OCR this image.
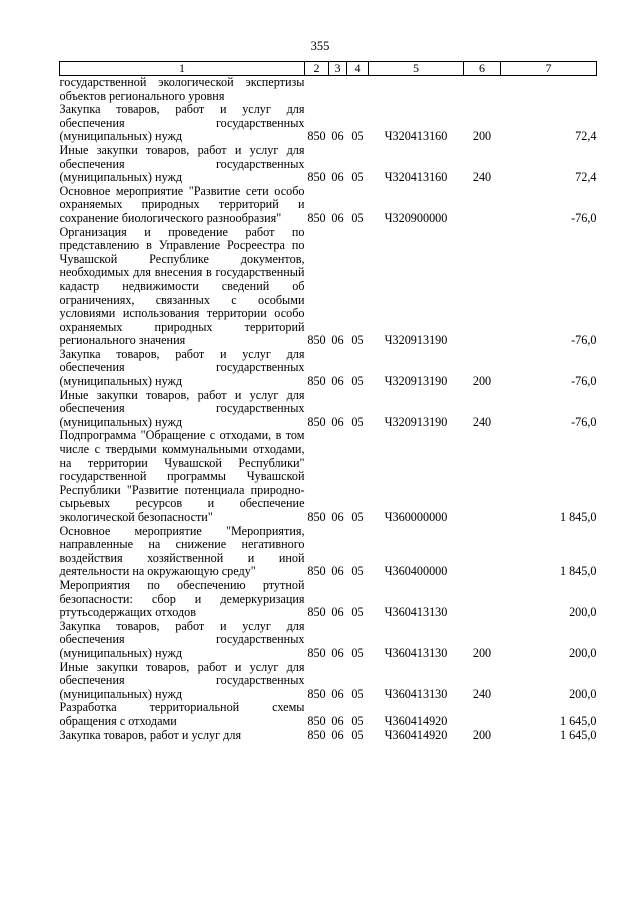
355
1	2	3	4	5	6	7
государственной экологической экспертизы объектов регионального уровня						
Закупка товаров, работ и услуг для обеспечения государственных (муниципальных) нужд	850	06	05	Ч320413160	200	72,4
Иные закупки товаров, работ и услуг для обеспечения государственных (муниципальных) нужд	850	06	05	Ч320413160	240	72,4
Основное мероприятие "Развитие сети особо охраняемых природных территорий и сохранение биологического разнообразия"	850	06	05	Ч320900000		-76,0
Организация и проведение работ по представлению в Управление Росреестра по Чувашской Республике документов, необходимых для внесения в государственный кадастр недвижимости сведений об ограничениях, связанных с особыми условиями использования территории особо охраняемых природных территорий регионального значения	850	06	05	Ч320913190		-76,0
Закупка товаров, работ и услуг для обеспечения государственных (муниципальных) нужд	850	06	05	Ч320913190	200	-76,0
Иные закупки товаров, работ и услуг для обеспечения государственных (муниципальных) нужд	850	06	05	Ч320913190	240	-76,0
Подпрограмма "Обращение с отходами, в том числе с твердыми коммунальными отходами, на территории Чувашской Республики" государственной программы Чувашской Республики "Развитие потенциала природно-сырьевых ресурсов и обеспечение экологической безопасности"	850	06	05	Ч360000000		1 845,0
Основное мероприятие "Мероприятия, направленные на снижение негативного воздействия хозяйственной и иной деятельности на окружающую среду"	850	06	05	Ч360400000		1 845,0
Мероприятия по обеспечению ртутной безопасности: сбор и демеркуризация ртутьсодержащих отходов	850	06	05	Ч360413130		200,0
Закупка товаров, работ и услуг для обеспечения государственных (муниципальных) нужд	850	06	05	Ч360413130	200	200,0
Иные закупки товаров, работ и услуг для обеспечения государственных (муниципальных) нужд	850	06	05	Ч360413130	240	200,0
Разработка территориальной схемы обращения с отходами	850	06	05	Ч360414920		1 645,0
Закупка товаров, работ и услуг для	850	06	05	Ч360414920	200	1 645,0
